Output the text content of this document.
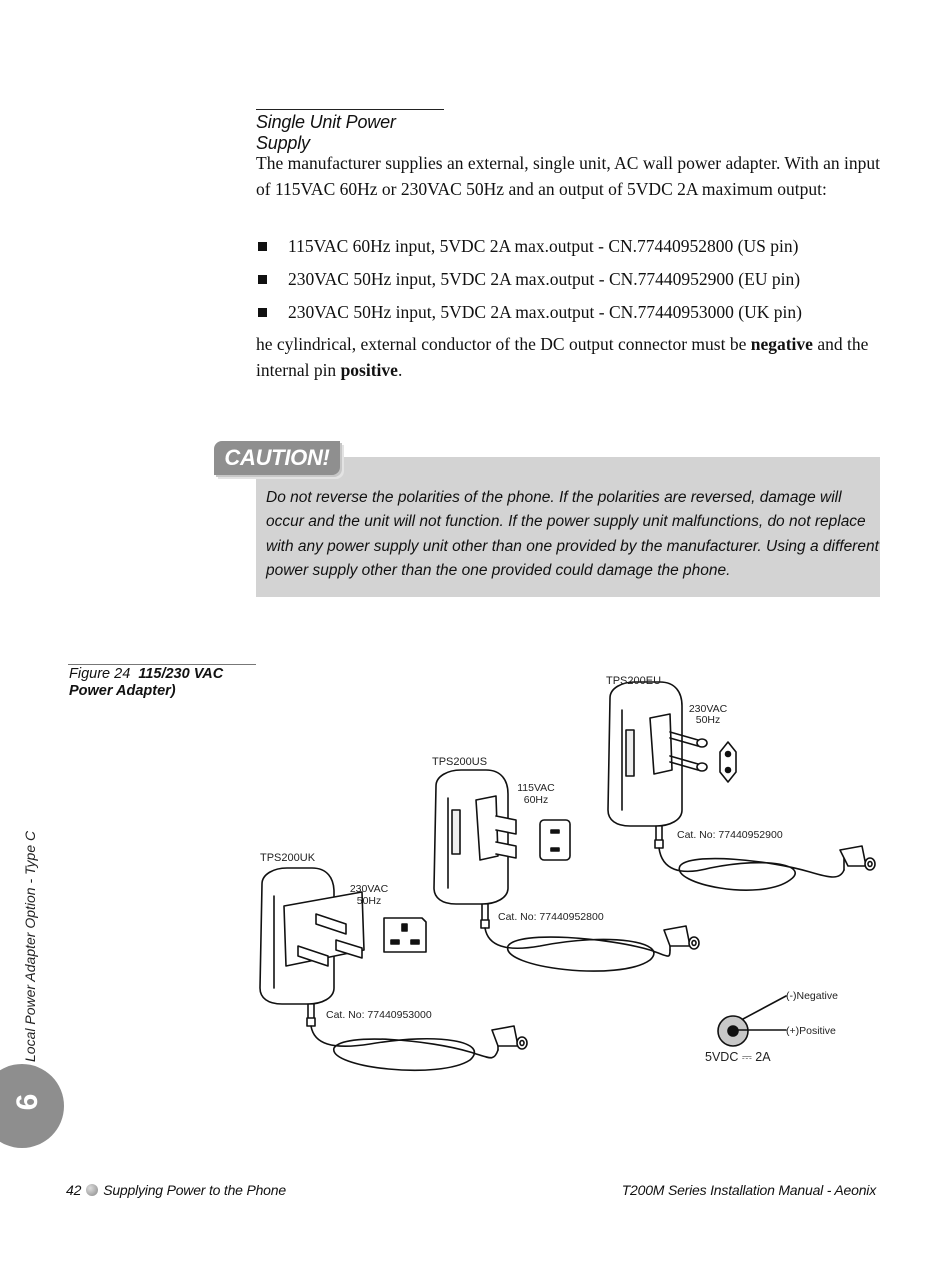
Single Unit Power Supply
The manufacturer supplies an external, single unit, AC wall power adapter. With an input of 115VAC 60Hz or 230VAC 50Hz and an output of 5VDC 2A maximum output:
115VAC 60Hz input, 5VDC 2A max.output - CN.77440952800 (US pin)
230VAC 50Hz input, 5VDC 2A max.output - CN.77440952900 (EU pin)
230VAC 50Hz input, 5VDC 2A max.output - CN.77440953000 (UK pin)
he cylindrical, external conductor of the DC output connector must be negative and the internal pin positive.
CAUTION!
Do not reverse the polarities of the phone. If the polarities are reversed, damage will occur and the unit will not function. If the power supply unit malfunctions, do not replace with any power supply unit other than one provided by the manufacturer. Using a different power supply other than the one provided could damage the phone.
Figure 24 115/230 VAC Power Adapter)
TPS200EU
230VAC
50Hz
Cat. No: 77440952900
TPS200US
115VAC
60Hz
Cat. No: 77440952800
TPS200UK
230VAC
50Hz
Cat. No: 77440953000
(-)Negative
(+)Positive
5VDC ⎓ 2A
Local Power Adapter Option - Type C
6
42 Supplying Power to the Phone	T200M Series Installation Manual - Aeonix
